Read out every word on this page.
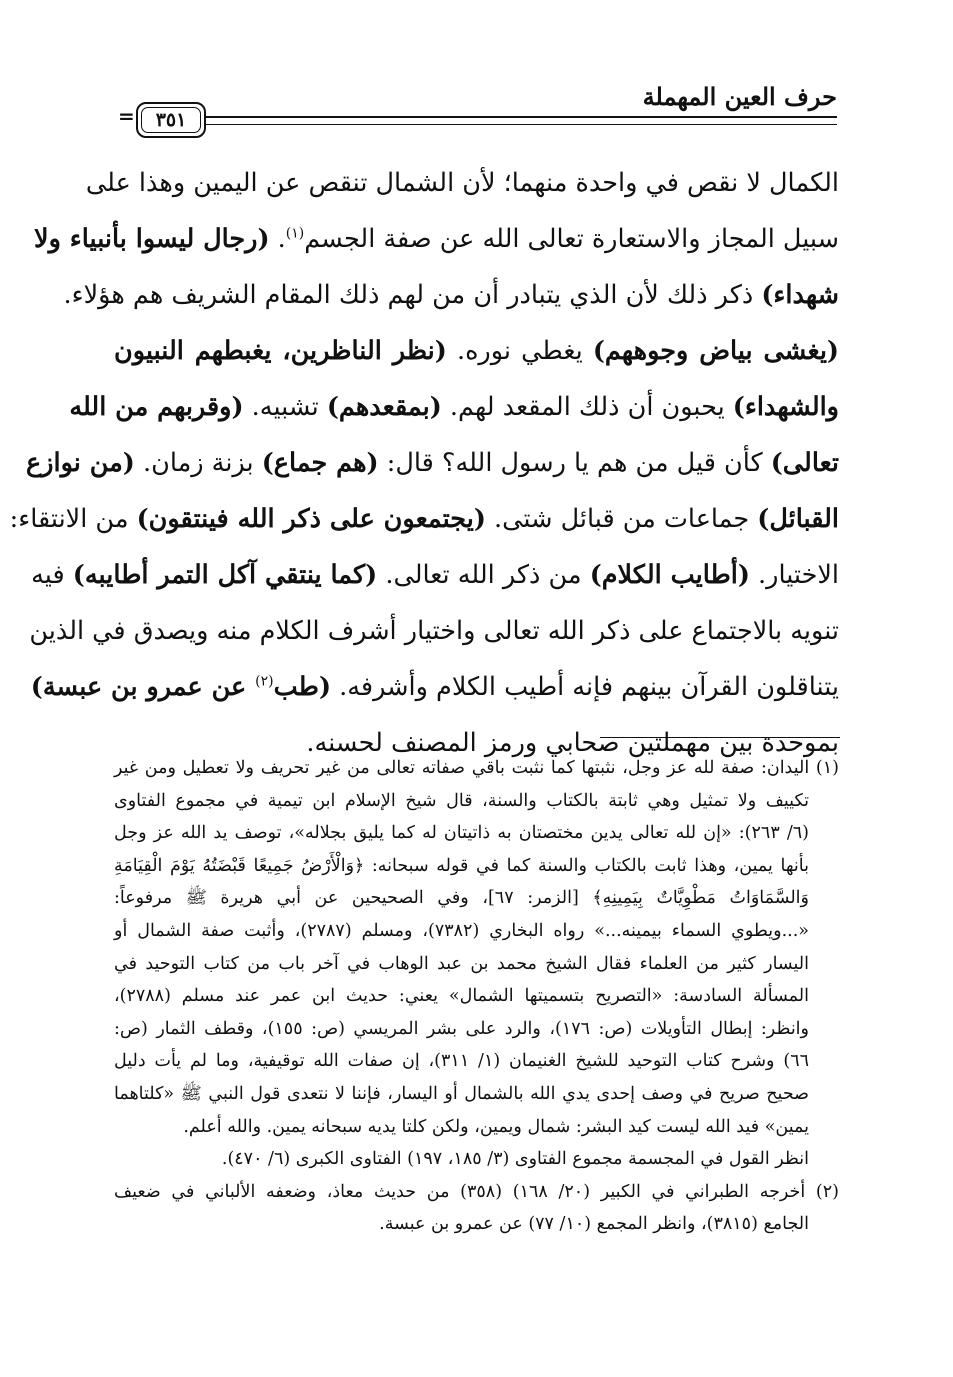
حرف العين المهملة
٣٥١
=
الكمال لا نقص في واحدة منهما؛ لأن الشمال تنقص عن اليمين وهذا على
سبيل المجاز والاستعارة تعالى الله عن صفة الجسم$^{(١)}$. (رجال ليسوا بأنبياء ولا
شهداء) ذكر ذلك لأن الذي يتبادر أن من لهم ذلك المقام الشريف هم هؤلاء.
(يغشى بياض وجوههم) يغطي نوره. (نظر الناظرين، يغبطهم النبيون
والشهداء) يحبون أن ذلك المقعد لهم. (بمقعدهم) تشبيه. (وقربهم من الله
تعالى) كأن قيل من هم يا رسول الله؟ قال: (هم جماع) بزنة زمان. (من نوازع
القبائل) جماعات من قبائل شتى. (يجتمعون على ذكر الله فينتقون) من الانتقاء:
الاختيار. (أطايب الكلام) من ذكر الله تعالى. (كما ينتقي آكل التمر أطايبه) فيه
تنويه بالاجتماع على ذكر الله تعالى واختيار أشرف الكلام منه ويصدق في الذين
يتناقلون القرآن بينهم فإنه أطيب الكلام وأشرفه. (طب$^{(٢)}$ عن عمرو بن عبسة)
بموحدة بين مهملتين صحابي ورمز المصنف لحسنه.
(١) اليدان: صفة لله عز وجل، نثبتها كما نثبت باقي صفاته تعالى من غير تحريف ولا تعطيل ومن غير
تكييف ولا تمثيل وهي ثابتة بالكتاب والسنة، قال شيخ الإسلام ابن تيمية في مجموع الفتاوى
(٦/ ٢٦٣): «إن لله تعالى يدين مختصتان به ذاتيتان له كما يليق بجلاله»، توصف يد الله عز وجل
بأنها يمين، وهذا ثابت بالكتاب والسنة كما في قوله سبحانه: ﴿وَالْأَرْضُ جَمِيعًا قَبْضَتُهُ يَوْمَ الْقِيَامَةِ
وَالسَّمَاوَاتُ مَطْوِيَّاتٌ بِيَمِينِهِ﴾ [الزمر: ٦٧]، وفي الصحيحين عن أبي هريرة ﷺ مرفوعاً:
«...ويطوي السماء بيمينه...» رواه البخاري (٧٣٨٢)، ومسلم (٢٧٨٧)، وأثبت صفة الشمال أو
اليسار كثير من العلماء فقال الشيخ محمد بن عبد الوهاب في آخر باب من كتاب التوحيد في
المسألة السادسة: «التصريح بتسميتها الشمال» يعني: حديث ابن عمر عند مسلم (٢٧٨٨)،
وانظر: إبطال التأويلات (ص: ١٧٦)، والرد على بشر المريسي (ص: ١٥٥)، وقطف الثمار (ص:
٦٦) وشرح كتاب التوحيد للشيخ الغنيمان (١/ ٣١١)، إن صفات الله توقيفية، وما لم يأت دليل
صحيح صريح في وصف إحدى يدي الله بالشمال أو اليسار، فإننا لا نتعدى قول النبي ﷺ «كلتاهما
يمين» فيد الله ليست كيد البشر: شمال ويمين، ولكن كلتا يديه سبحانه يمين. والله أعلم.
انظر القول في المجسمة مجموع الفتاوى (٣/ ١٨٥، ١٩٧) الفتاوى الكبرى (٦/ ٤٧٠).
(٢) أخرجه الطبراني في الكبير (٢٠/ ١٦٨) (٣٥٨) من حديث معاذ، وضعفه الألباني في ضعيف
الجامع (٣٨١٥)، وانظر المجمع (١٠/ ٧٧) عن عمرو بن عبسة.
